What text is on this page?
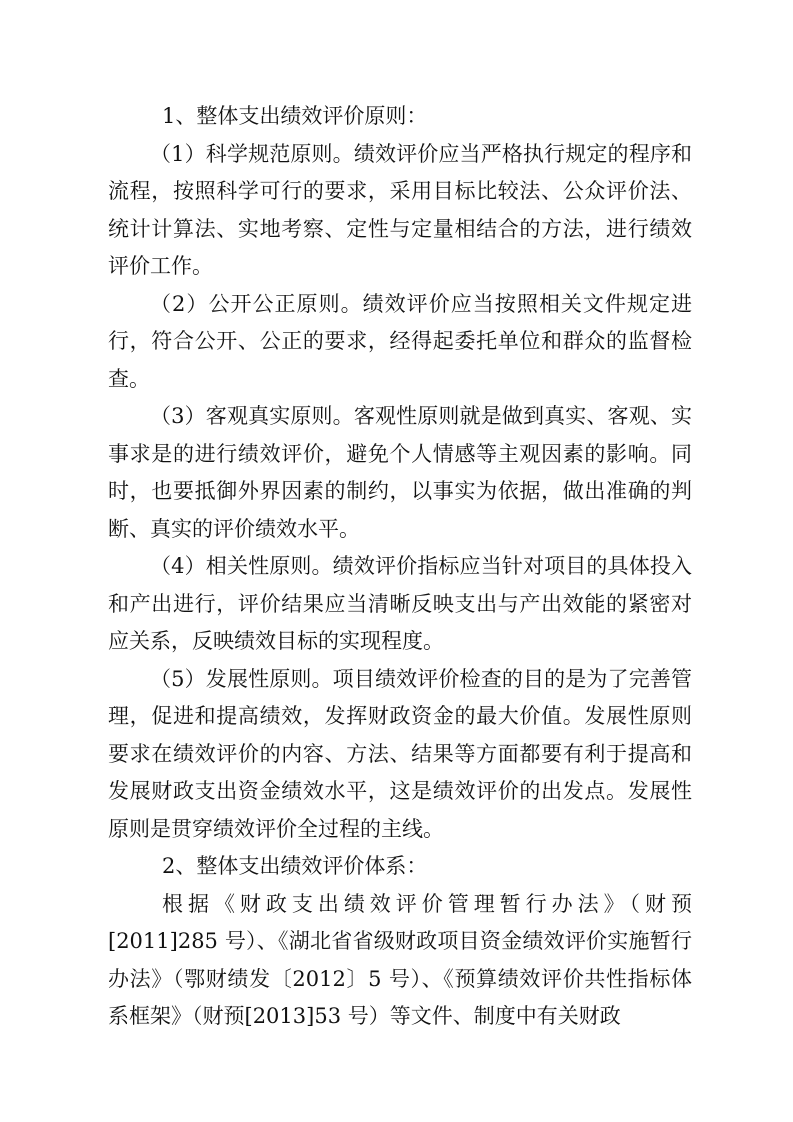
1、整体支出绩效评价原则：

（1）科学规范原则。绩效评价应当严格执行规定的程序和流程，按照科学可行的要求，采用目标比较法、公众评价法、统计计算法、实地考察、定性与定量相结合的方法，进行绩效评价工作。

（2）公开公正原则。绩效评价应当按照相关文件规定进行，符合公开、公正的要求，经得起委托单位和群众的监督检查。

（3）客观真实原则。客观性原则就是做到真实、客观、实事求是的进行绩效评价，避免个人情感等主观因素的影响。同时，也要抵御外界因素的制约，以事实为依据，做出准确的判断、真实的评价绩效水平。

（4）相关性原则。绩效评价指标应当针对项目的具体投入和产出进行，评价结果应当清晰反映支出与产出效能的紧密对应关系，反映绩效目标的实现程度。

（5）发展性原则。项目绩效评价检查的目的是为了完善管理，促进和提高绩效，发挥财政资金的最大价值。发展性原则要求在绩效评价的内容、方法、结果等方面都要有利于提高和发展财政支出资金绩效水平，这是绩效评价的出发点。发展性原则是贯穿绩效评价全过程的主线。

2、整体支出绩效评价体系：

根据《财政支出绩效评价管理暂行办法》（财预[2011]285 号）、《湖北省省级财政项目资金绩效评价实施暂行办法》（鄂财绩发〔2012〕5 号）、《预算绩效评价共性指标体系框架》（财预[2013]53 号）等文件、制度中有关财政
